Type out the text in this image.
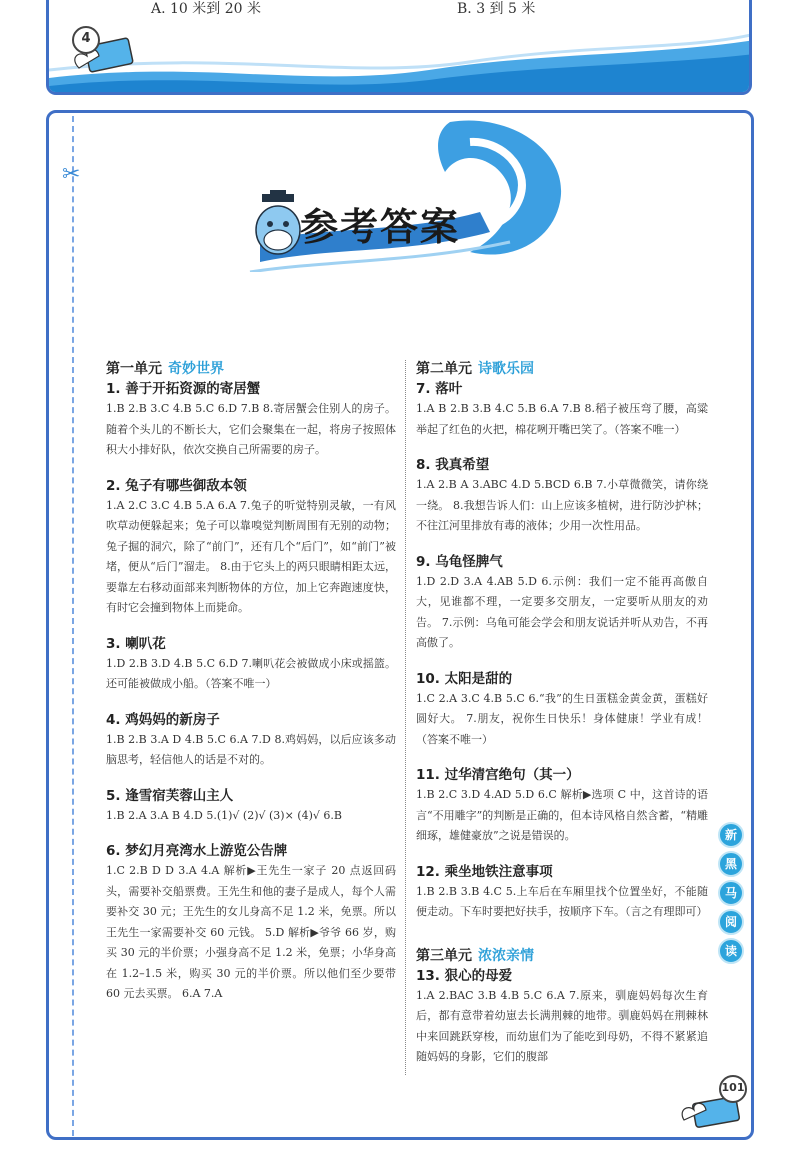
A. 10 米到 20 米	B. 3 到 5 米
4
✂
参考答案
第一单元 奇妙世界
1. 善于开拓资源的寄居蟹
1.B 2.B 3.C 4.B 5.C 6.D 7.B 8.寄居蟹会住别人的房子。随着个头儿的不断长大，它们会聚集在一起，将房子按照体积大小排好队，依次交换自己所需要的房子。
2. 兔子有哪些御敌本领
1.A 2.C 3.C 4.B 5.A 6.A 7.兔子的听觉特别灵敏，一有风吹草动便躲起来；兔子可以靠嗅觉判断周围有无别的动物；兔子掘的洞穴，除了“前门”，还有几个“后门”，如“前门”被堵，便从“后门”溜走。 8.由于它头上的两只眼睛相距太远，要靠左右移动面部来判断物体的方位，加上它奔跑速度快，有时它会撞到物体上而毙命。
3. 喇叭花
1.D 2.B 3.D 4.B 5.C 6.D 7.喇叭花会被做成小床或摇篮。还可能被做成小船。（答案不唯一）
4. 鸡妈妈的新房子
1.B 2.B 3.A D 4.B 5.C 6.A 7.D 8.鸡妈妈，以后应该多动脑思考，轻信他人的话是不对的。
5. 逢雪宿芙蓉山主人
1.B 2.A 3.A B 4.D 5.(1)√ (2)√ (3)× (4)√ 6.B
6. 梦幻月亮湾水上游览公告牌
1.C 2.B D D 3.A 4.A 解析▶王先生一家子 20 点返回码头，需要补交船票费。王先生和他的妻子是成人，每个人需要补交 30 元；王先生的女儿身高不足 1.2 米，免票。所以王先生一家需要补交 60 元钱。 5.D 解析▶爷爷 66 岁，购买 30 元的半价票；小强身高不足 1.2 米，免票；小华身高在 1.2–1.5 米，购买 30 元的半价票。所以他们至少要带 60 元去买票。 6.A 7.A
第二单元 诗歌乐园
7. 落叶
1.A B 2.B 3.B 4.C 5.B 6.A 7.B 8.稻子被压弯了腰，高粱举起了红色的火把，棉花咧开嘴巴笑了。（答案不唯一）
8. 我真希望
1.A 2.B A 3.ABC 4.D 5.BCD 6.B 7.小草微微笑，请你绕一绕。 8.我想告诉人们：山上应该多植树，进行防沙护林；不往江河里排放有毒的液体；少用一次性用品。
9. 乌龟怪脾气
1.D 2.D 3.A 4.AB 5.D 6.示例：我们一定不能再高傲自大，见谁都不理，一定要多交朋友，一定要听从朋友的劝告。 7.示例：乌龟可能会学会和朋友说话并听从劝告，不再高傲了。
10. 太阳是甜的
1.C 2.A 3.C 4.B 5.C 6.“我”的生日蛋糕金黄金黄，蛋糕好圆好大。 7.朋友，祝你生日快乐！身体健康！学业有成！（答案不唯一）
11. 过华清宫绝句（其一）
1.B 2.C 3.D 4.AD 5.D 6.C 解析▶选项 C 中，这首诗的语言“不用雕字”的判断是正确的，但本诗风格自然含蓄，“精雕细琢，雄健豪放”之说是错误的。
12. 乘坐地铁注意事项
1.B 2.B 3.B 4.C 5.上车后在车厢里找个位置坐好，不能随便走动。下车时要把好扶手，按顺序下车。（言之有理即可）
第三单元 浓浓亲情
13. 狠心的母爱
1.A 2.BAC 3.B 4.B 5.C 6.A 7.原来，驯鹿妈妈每次生育后，都有意带着幼崽去长满荆棘的地带。驯鹿妈妈在荆棘林中来回跳跃穿梭，而幼崽们为了能吃到母奶，不得不紧紧追随妈妈的身影，它们的腹部
新
黑
马
阅
读
101
